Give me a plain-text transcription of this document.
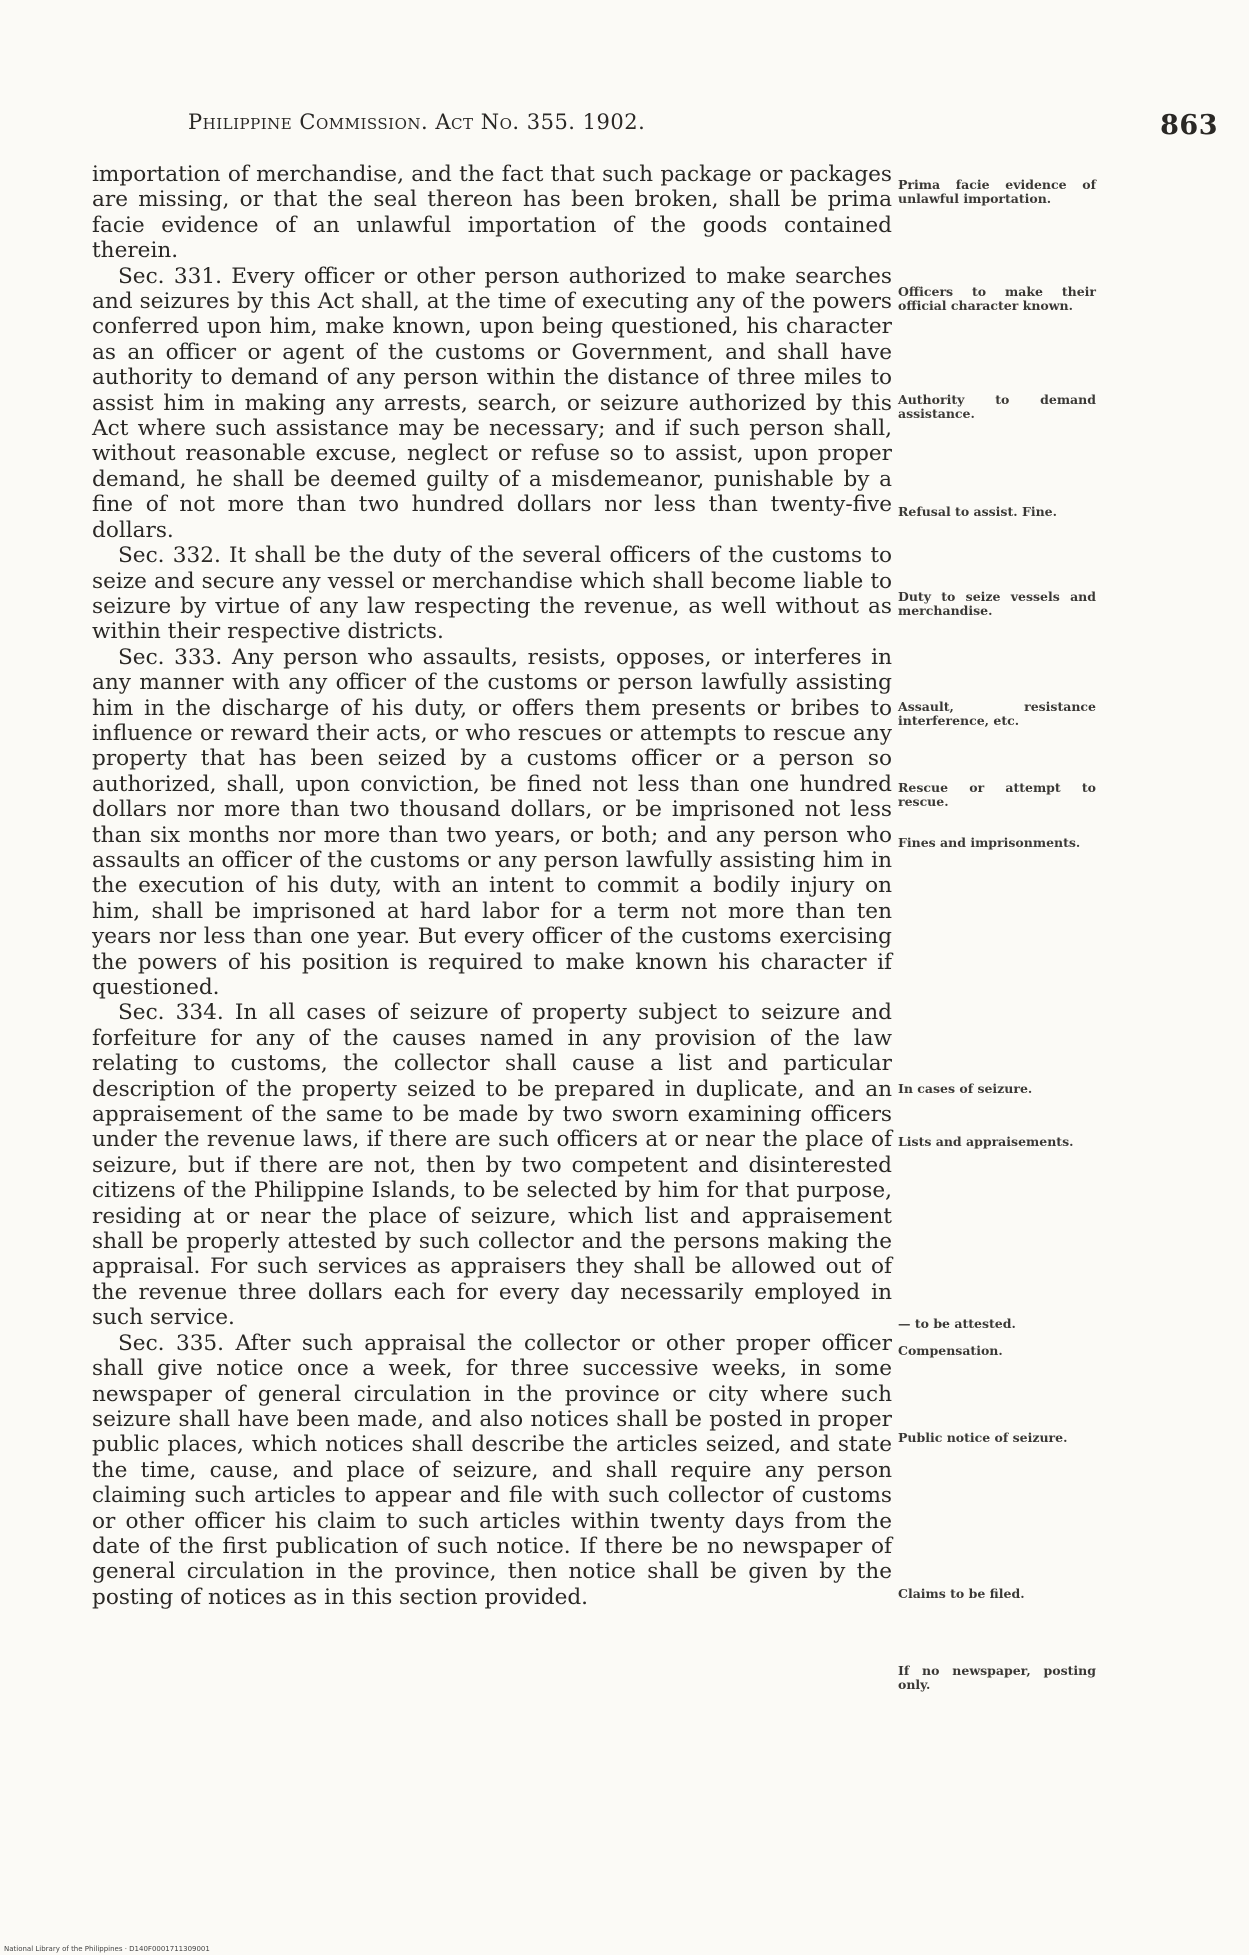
Philippine Commission. Act No. 355. 1902.	863

importation of merchandise, and the fact that such package or packages are missing, or that the seal thereon has been broken, shall be prima facie evidence of an unlawful importation of the goods contained therein.

Sec. 331. Every officer or other person authorized to make searches and seizures by this Act shall, at the time of executing any of the powers conferred upon him, make known, upon being questioned, his character as an officer or agent of the customs or Government, and shall have authority to demand of any person within the distance of three miles to assist him in making any arrests, search, or seizure authorized by this Act where such assistance may be necessary; and if such person shall, without reasonable excuse, neglect or refuse so to assist, upon proper demand, he shall be deemed guilty of a misdemeanor, punishable by a fine of not more than two hundred dollars nor less than twenty-five dollars.

Sec. 332. It shall be the duty of the several officers of the customs to seize and secure any vessel or merchandise which shall become liable to seizure by virtue of any law respecting the revenue, as well without as within their respective districts.

Sec. 333. Any person who assaults, resists, opposes, or interferes in any manner with any officer of the customs or person lawfully assisting him in the discharge of his duty, or offers them presents or bribes to influence or reward their acts, or who rescues or attempts to rescue any property that has been seized by a customs officer or a person so authorized, shall, upon conviction, be fined not less than one hundred dollars nor more than two thousand dollars, or be imprisoned not less than six months nor more than two years, or both; and any person who assaults an officer of the customs or any person lawfully assisting him in the execution of his duty, with an intent to commit a bodily injury on him, shall be imprisoned at hard labor for a term not more than ten years nor less than one year. But every officer of the customs exercising the powers of his position is required to make known his character if questioned.

Sec. 334. In all cases of seizure of property subject to seizure and forfeiture for any of the causes named in any provision of the law relating to customs, the collector shall cause a list and particular description of the property seized to be prepared in duplicate, and an appraisement of the same to be made by two sworn examining officers under the revenue laws, if there are such officers at or near the place of seizure, but if there are not, then by two competent and disinterested citizens of the Philippine Islands, to be selected by him for that purpose, residing at or near the place of seizure, which list and appraisement shall be properly attested by such collector and the persons making the appraisal. For such services as appraisers they shall be allowed out of the revenue three dollars each for every day necessarily employed in such service.

Sec. 335. After such appraisal the collector or other proper officer shall give notice once a week, for three successive weeks, in some newspaper of general circulation in the province or city where such seizure shall have been made, and also notices shall be posted in proper public places, which notices shall describe the articles seized, and state the time, cause, and place of seizure, and shall require any person claiming such articles to appear and file with such collector of customs or other officer his claim to such articles within twenty days from the date of the first publication of such notice. If there be no newspaper of general circulation in the province, then notice shall be given by the posting of notices as in this section provided.

Prima facie evidence of unlawful importation.
Officers to make their official character known.
Authority to demand assistance.
Refusal to assist. Fine.
Duty to seize vessels and merchandise.
Assault, resistance interference, etc.
Rescue or attempt to rescue.
Fines and imprisonments.
In cases of seizure.
Lists and appraisements.
— to be attested.
Compensation.
Public notice of seizure.
Claims to be filed.
If no newspaper, posting only.
National Library of the Philippines · D140F0001711309001
